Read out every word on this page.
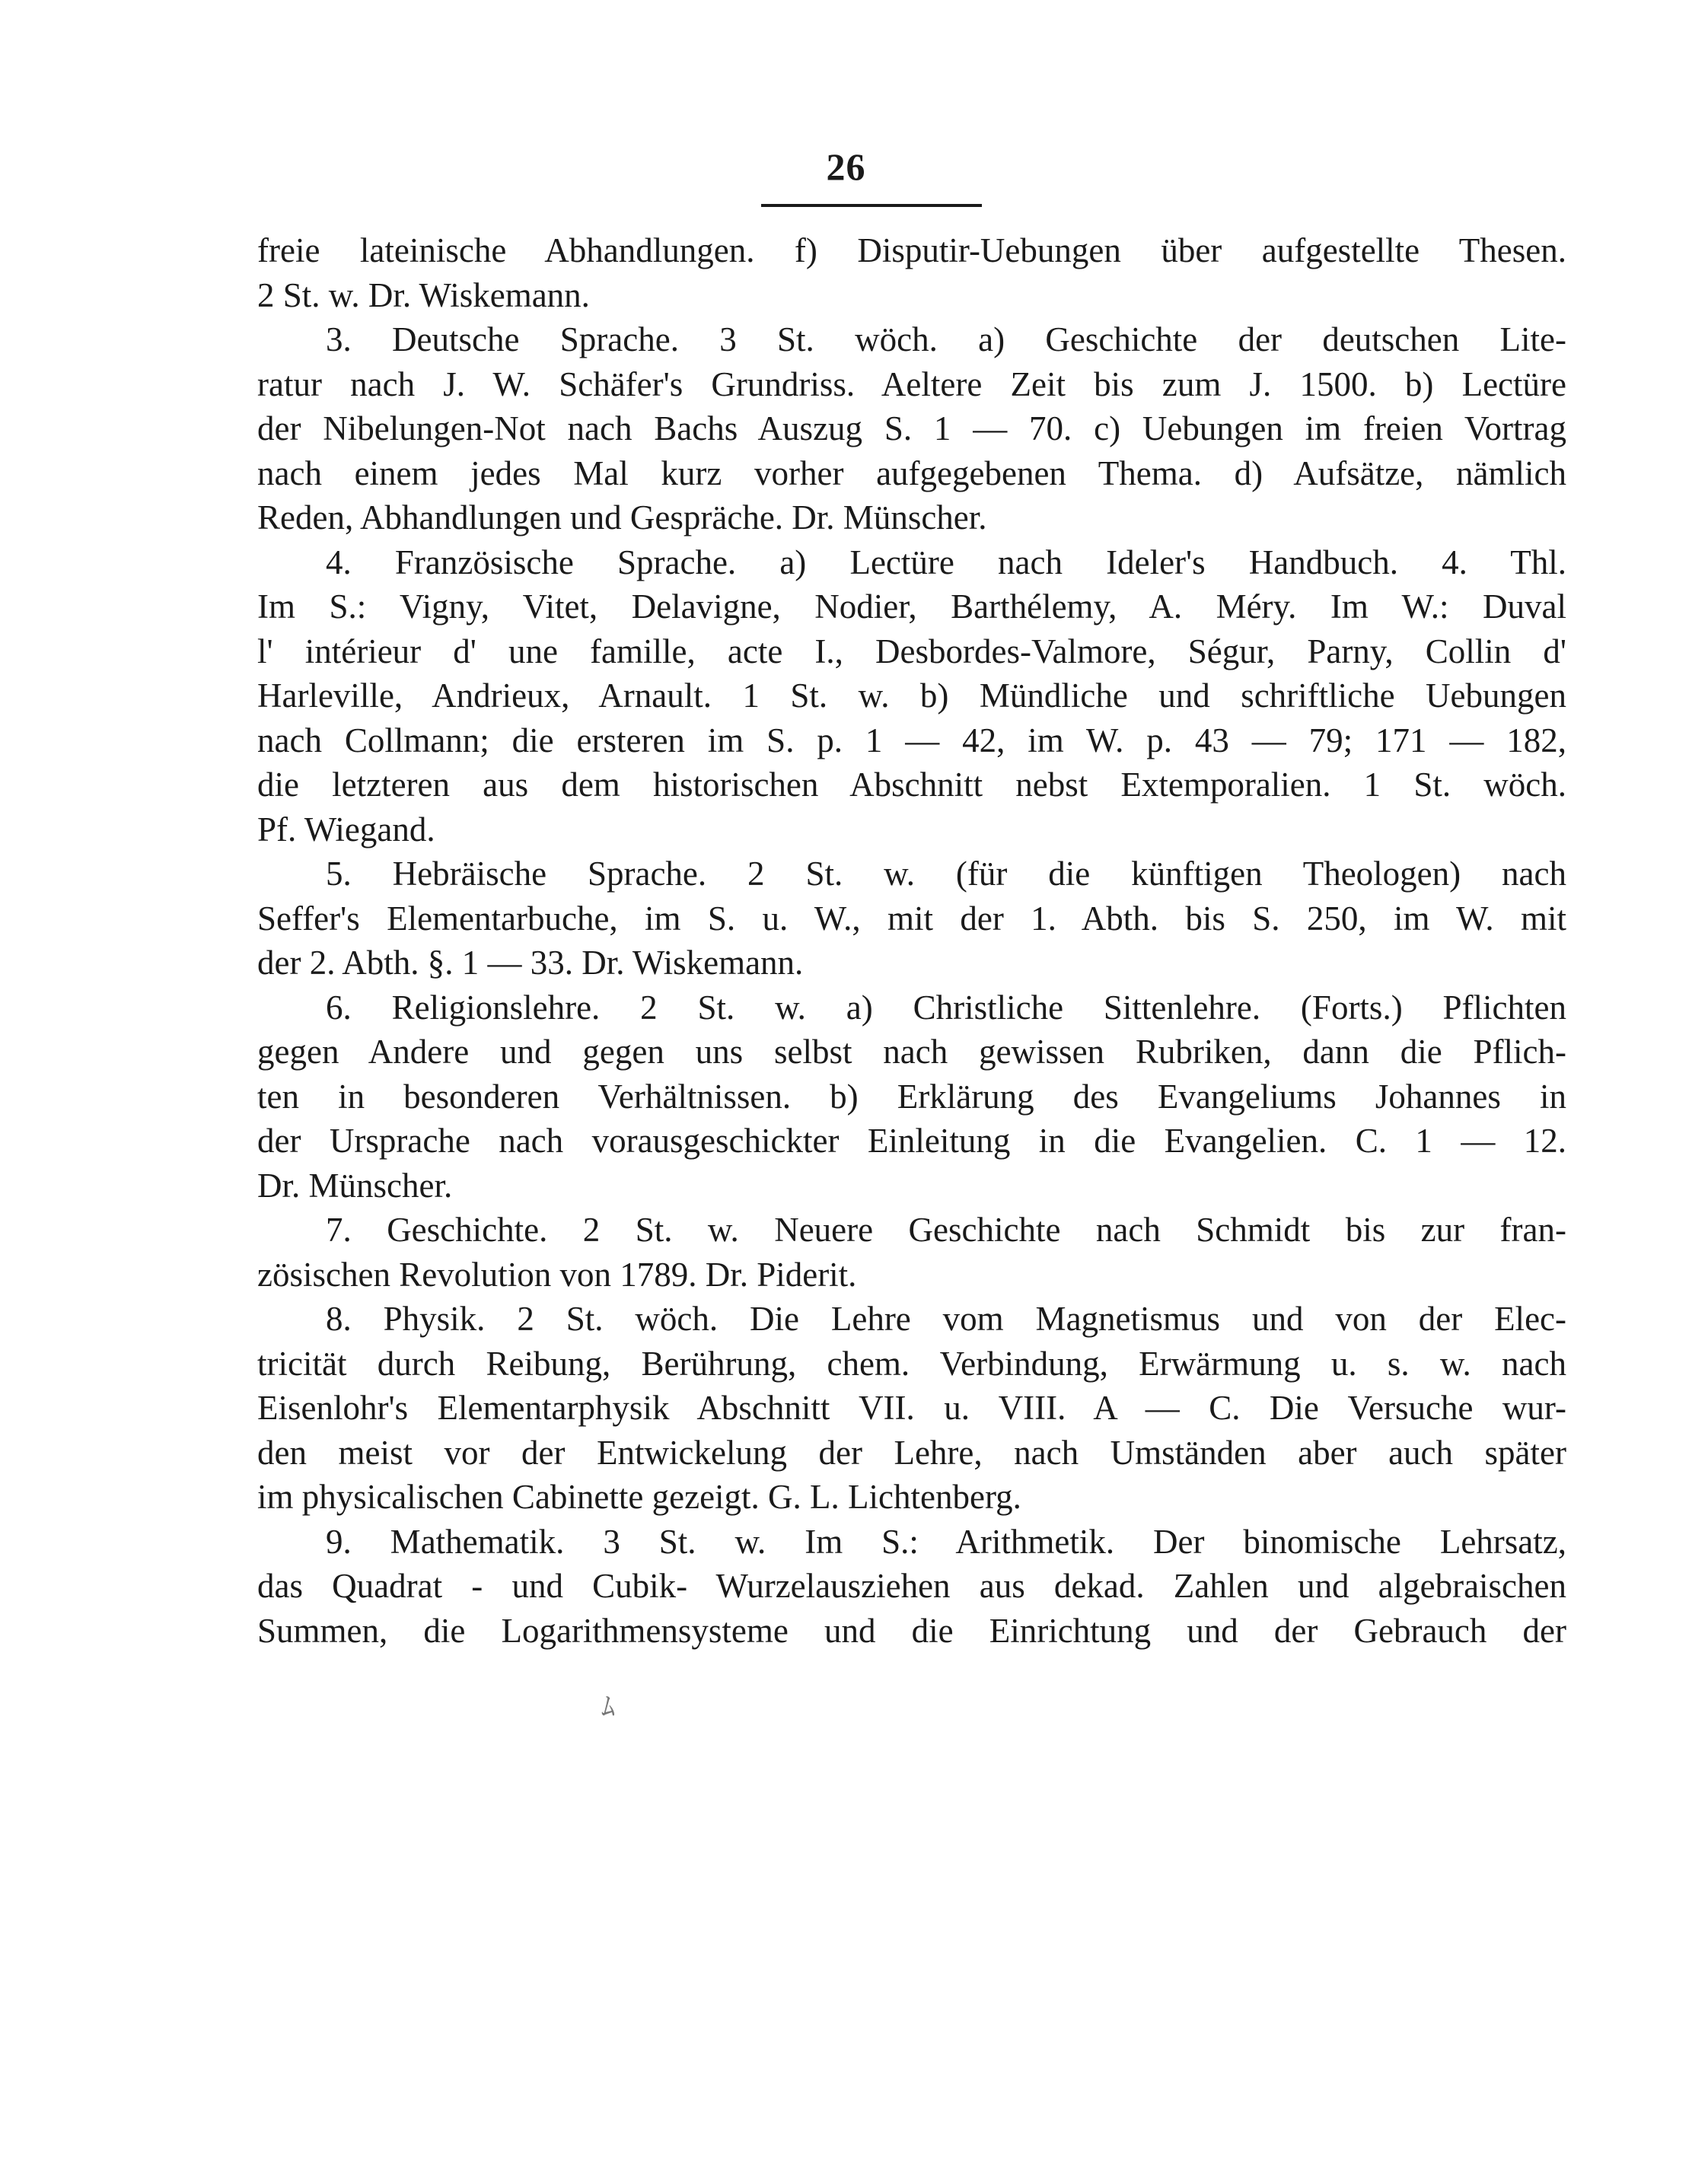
26
freie lateinische Abhandlungen. f) Disputir-Uebungen über aufgestellte Thesen.
2 St. w. Dr. Wiskemann.
3. Deutsche Sprache. 3 St. wöch. a) Geschichte der deutschen Lite-
ratur nach J. W. Schäfer's Grundriss. Aeltere Zeit bis zum J. 1500. b) Lectüre
der Nibelungen-Not nach Bachs Auszug S. 1 — 70. c) Uebungen im freien Vortrag
nach einem jedes Mal kurz vorher aufgegebenen Thema. d) Aufsätze, nämlich
Reden, Abhandlungen und Gespräche. Dr. Münscher.
4. Französische Sprache. a) Lectüre nach Ideler's Handbuch. 4. Thl.
Im S.: Vigny, Vitet, Delavigne, Nodier, Barthélemy, A. Méry. Im W.: Duval
l' intérieur d' une famille, acte I., Desbordes-Valmore, Ségur, Parny, Collin d'
Harleville, Andrieux, Arnault. 1 St. w. b) Mündliche und schriftliche Uebungen
nach Collmann; die ersteren im S. p. 1 — 42, im W. p. 43 — 79; 171 — 182,
die letzteren aus dem historischen Abschnitt nebst Extemporalien. 1 St. wöch.
Pf. Wiegand.
5. Hebräische Sprache. 2 St. w. (für die künftigen Theologen) nach
Seffer's Elementarbuche, im S. u. W., mit der 1. Abth. bis S. 250, im W. mit
der 2. Abth. §. 1 — 33. Dr. Wiskemann.
6. Religionslehre. 2 St. w. a) Christliche Sittenlehre. (Forts.) Pflichten
gegen Andere und gegen uns selbst nach gewissen Rubriken, dann die Pflich-
ten in besonderen Verhältnissen. b) Erklärung des Evangeliums Johannes in
der Ursprache nach vorausgeschickter Einleitung in die Evangelien. C. 1 — 12.
Dr. Münscher.
7. Geschichte. 2 St. w. Neuere Geschichte nach Schmidt bis zur fran-
zösischen Revolution von 1789. Dr. Piderit.
8. Physik. 2 St. wöch. Die Lehre vom Magnetismus und von der Elec-
tricität durch Reibung, Berührung, chem. Verbindung, Erwärmung u. s. w. nach
Eisenlohr's Elementarphysik Abschnitt VII. u. VIII. A — C. Die Versuche wur-
den meist vor der Entwickelung der Lehre, nach Umständen aber auch später
im physicalischen Cabinette gezeigt. G. L. Lichtenberg.
9. Mathematik. 3 St. w. Im S.: Arithmetik. Der binomische Lehrsatz,
das Quadrat - und Cubik- Wurzelausziehen aus dekad. Zahlen und algebraischen
Summen, die Logarithmensysteme und die Einrichtung und der Gebrauch der
ﾑ
